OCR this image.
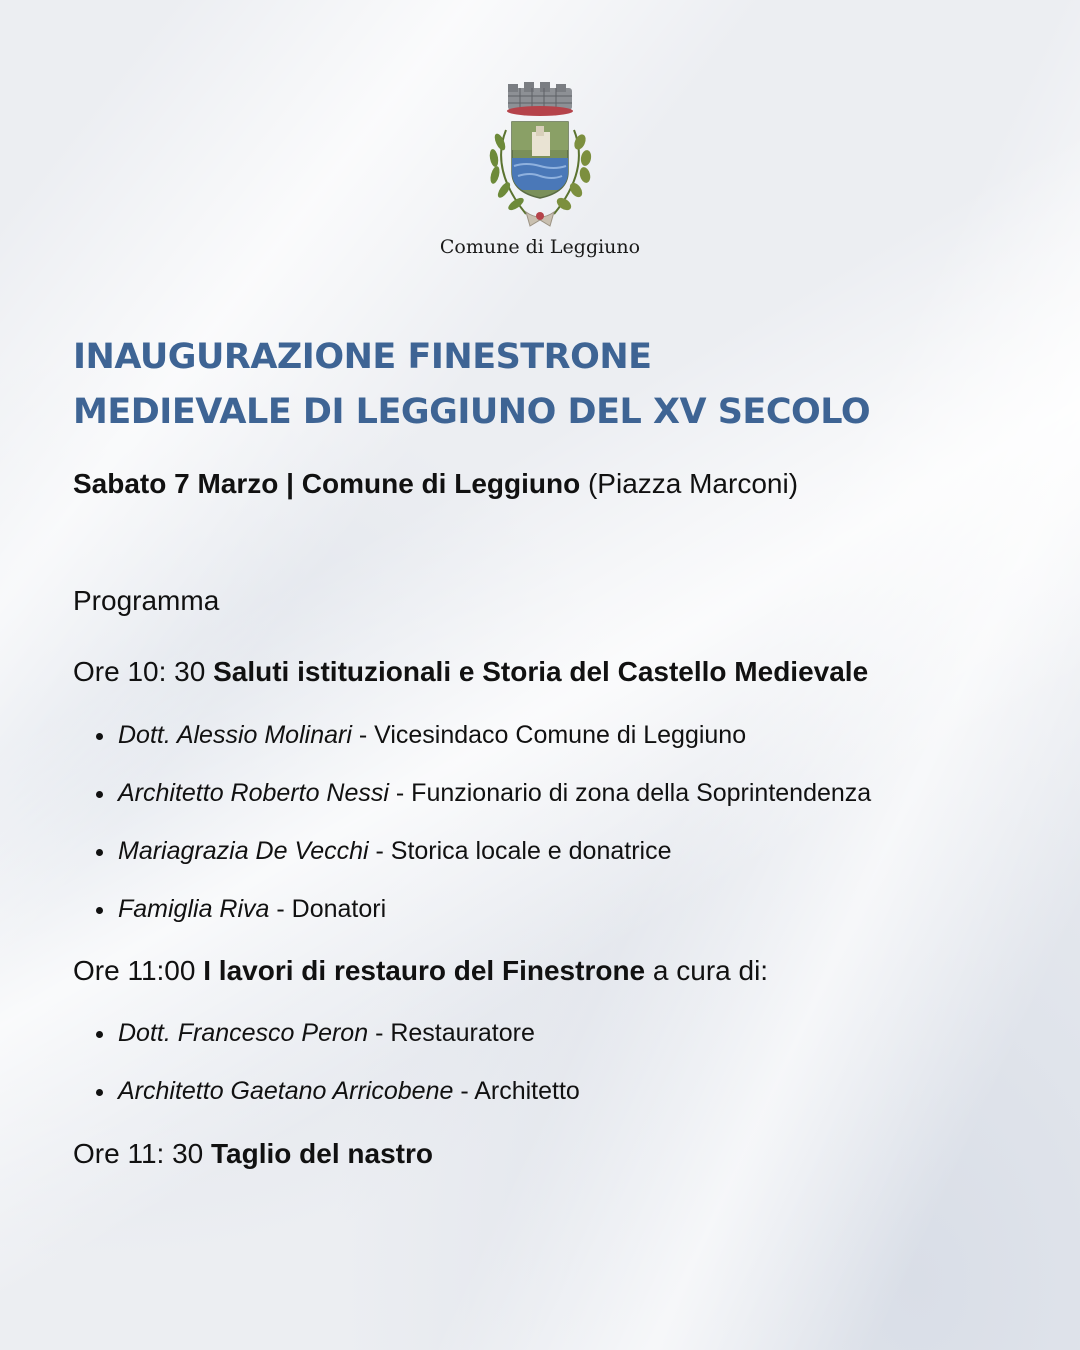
Comune di Leggiuno
INAUGURAZIONE FINESTRONE
MEDIEVALE DI LEGGIUNO DEL XV SECOLO
Sabato 7 Marzo | Comune di Leggiuno (Piazza Marconi)
Programma
Ore 10: 30 Saluti istituzionali e Storia del Castello Medievale
Dott. Alessio Molinari - Vicesindaco Comune di Leggiuno
Architetto Roberto Nessi - Funzionario di zona della Soprintendenza
Mariagrazia De Vecchi - Storica locale e donatrice
Famiglia Riva - Donatori
Ore 11:00 I lavori di restauro del Finestrone a cura di:
Dott. Francesco Peron - Restauratore
Architetto Gaetano Arricobene - Architetto
Ore 11: 30 Taglio del nastro
